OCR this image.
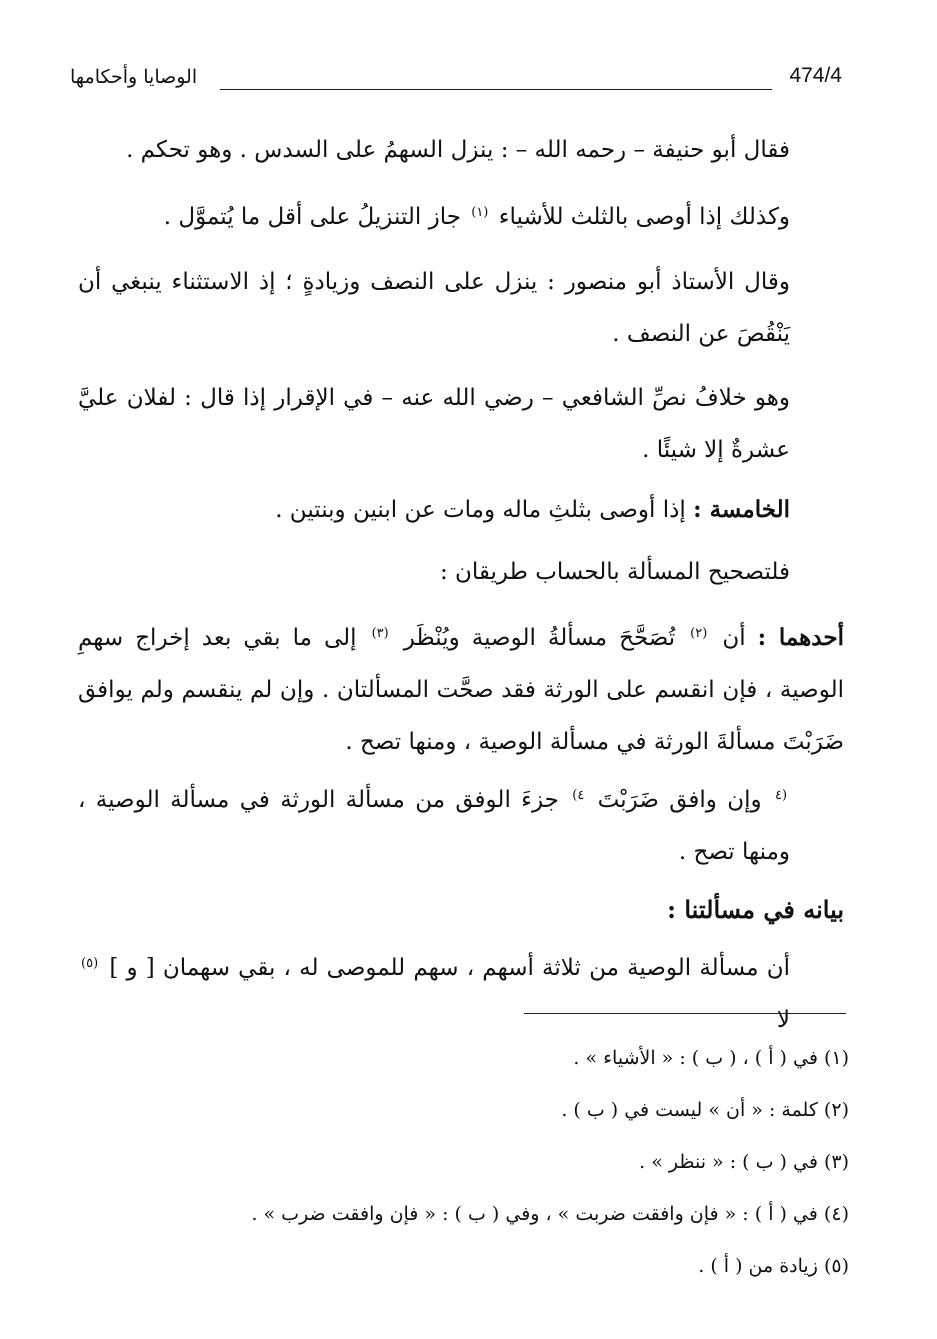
474/4
الوصايا وأحكامها
فقال أبو حنيفة – رحمه الله – : ينزل السهمُ على السدس . وهو تحكم .
وكذلك إذا أوصى بالثلث للأشياء $^{(١)}$ جاز التنزيلُ على أقل ما يُتموَّل .
وقال الأستاذ أبو منصور : ينزل على النصف وزيادةٍ ؛ إذ الاستثناء ينبغي أن يَنْقُصَ عن النصف .
وهو خلافُ نصِّ الشافعي – رضي الله عنه – في الإقرار إذا قال : لفلان عليَّ عشرةٌ إلا شيئًا .
الخامسة : إذا أوصى بثلثِ ماله ومات عن ابنين وبنتين .
فلتصحيح المسألة بالحساب طريقان :
أحدهما : أن $^{(٢)}$ تُصَحَّحَ مسألةُ الوصية ويُنْظَر $^{(٣)}$ إلى ما بقي بعد إخراج سهمِ الوصية ، فإن انقسم على الورثة فقد صحَّت المسألتان . وإن لم ينقسم ولم يوافق ضَرَبْتَ مسألةَ الورثة في مسألة الوصية ، ومنها تصح .
$^{(٤}$ وإن وافق ضَرَبْتَ $^{٤)}$ جزءَ الوفق من مسألة الورثة في مسألة الوصية ، ومنها تصح .
بيانه في مسألتنا :
أن مسألة الوصية من ثلاثة أسهم ، سهم للموصى له ، بقي سهمان [ و ] $^{(٥)}$ لا
(١) في ( أ ) ، ( ب ) : « الأشياء » .
(٢) كلمة : « أن » ليست في ( ب ) .
(٣) في ( ب ) : « ننظر » .
(٤) في ( أ ) : « فإن وافقت ضربت » ، وفي ( ب ) : « فإن وافقت ضرب » .
(٥) زيادة من ( أ ) .
